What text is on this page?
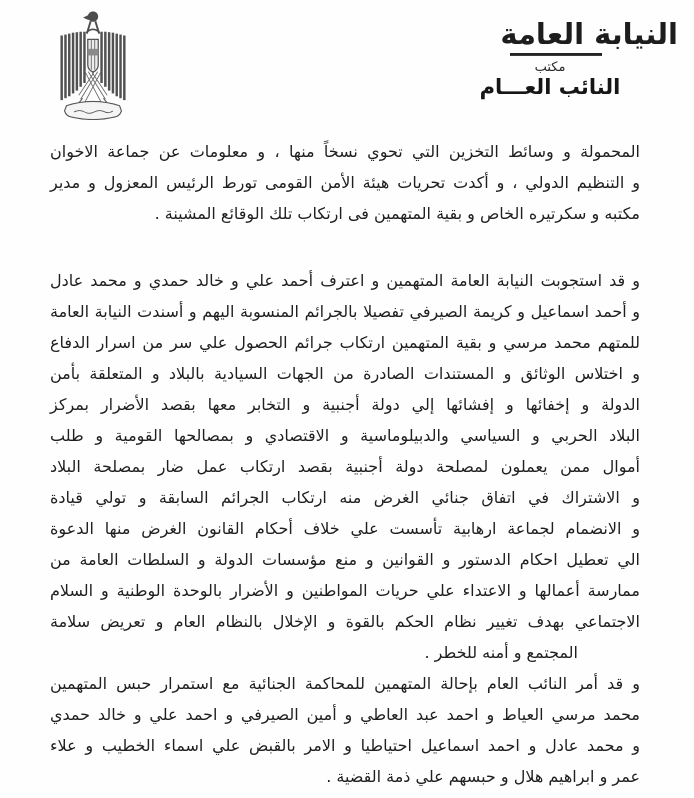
النيابة العامة
مكتب
النائب العـــام
المحمولة و وسائط التخزين التي تحوي نسخاً منها ، و معلومات عن جماعة الاخوان
و التنظيم الدولي ، و أكدت تحريات هيئة الأمن القومى تورط الرئيس المعزول و مدير
مكتبه و سكرتيره الخاص و بقية المتهمين فى ارتكاب تلك الوقائع المشينة .
و قد استجوبت النيابة العامة المتهمين و اعترف أحمد علي و خالد حمدي و محمد عادل
و أحمد اسماعيل و كريمة الصيرفي تفصيلا بالجرائم المنسوبة اليهم و أسندت النيابة العامة
للمتهم محمد مرسي و بقية المتهمين ارتكاب جرائم الحصول علي سر من اسرار الدفاع
و اختلاس الوثائق و المستندات الصادرة من الجهات السيادية بالبلاد و المتعلقة بأمن
الدولة و إخفائها و إفشائها إلي دولة أجنبية و التخابر معها بقصد الأضرار بمركز
البلاد الحربي و السياسي والدبيلوماسية و الاقتصادي و بمصالحها القومية و طلب
أموال ممن يعملون لمصلحة دولة أجنبية بقصد ارتكاب عمل ضار بمصلحة البلاد
و الاشتراك في اتفاق جنائي الغرض منه ارتكاب الجرائم السابقة و تولي قيادة
و الانضمام لجماعة ارهابية تأسست علي خلاف أحكام القانون الغرض منها الدعوة
الي تعطيل احكام الدستور و القوانين و منع مؤسسات الدولة و السلطات العامة من
ممارسة أعمالها و الاعتداء علي حريات المواطنين و الأضرار بالوحدة الوطنية و السلام
الاجتماعي بهدف تغيير نظام الحكم بالقوة و الإخلال بالنظام العام و تعريض سلامة
المجتمع و أمنه للخطر .
و قد أمر النائب العام بإحالة المتهمين للمحاكمة الجنائية مع استمرار حبس المتهمين
محمد مرسي العياط و احمد عبد العاطي و أمين الصيرفي و احمد علي و خالد حمدي
و محمد عادل و احمد اسماعيل احتياطيا و الامر بالقبض علي اسماء الخطيب و علاء
عمر و ابراهيم هلال و حبسهم علي ذمة القضية .
